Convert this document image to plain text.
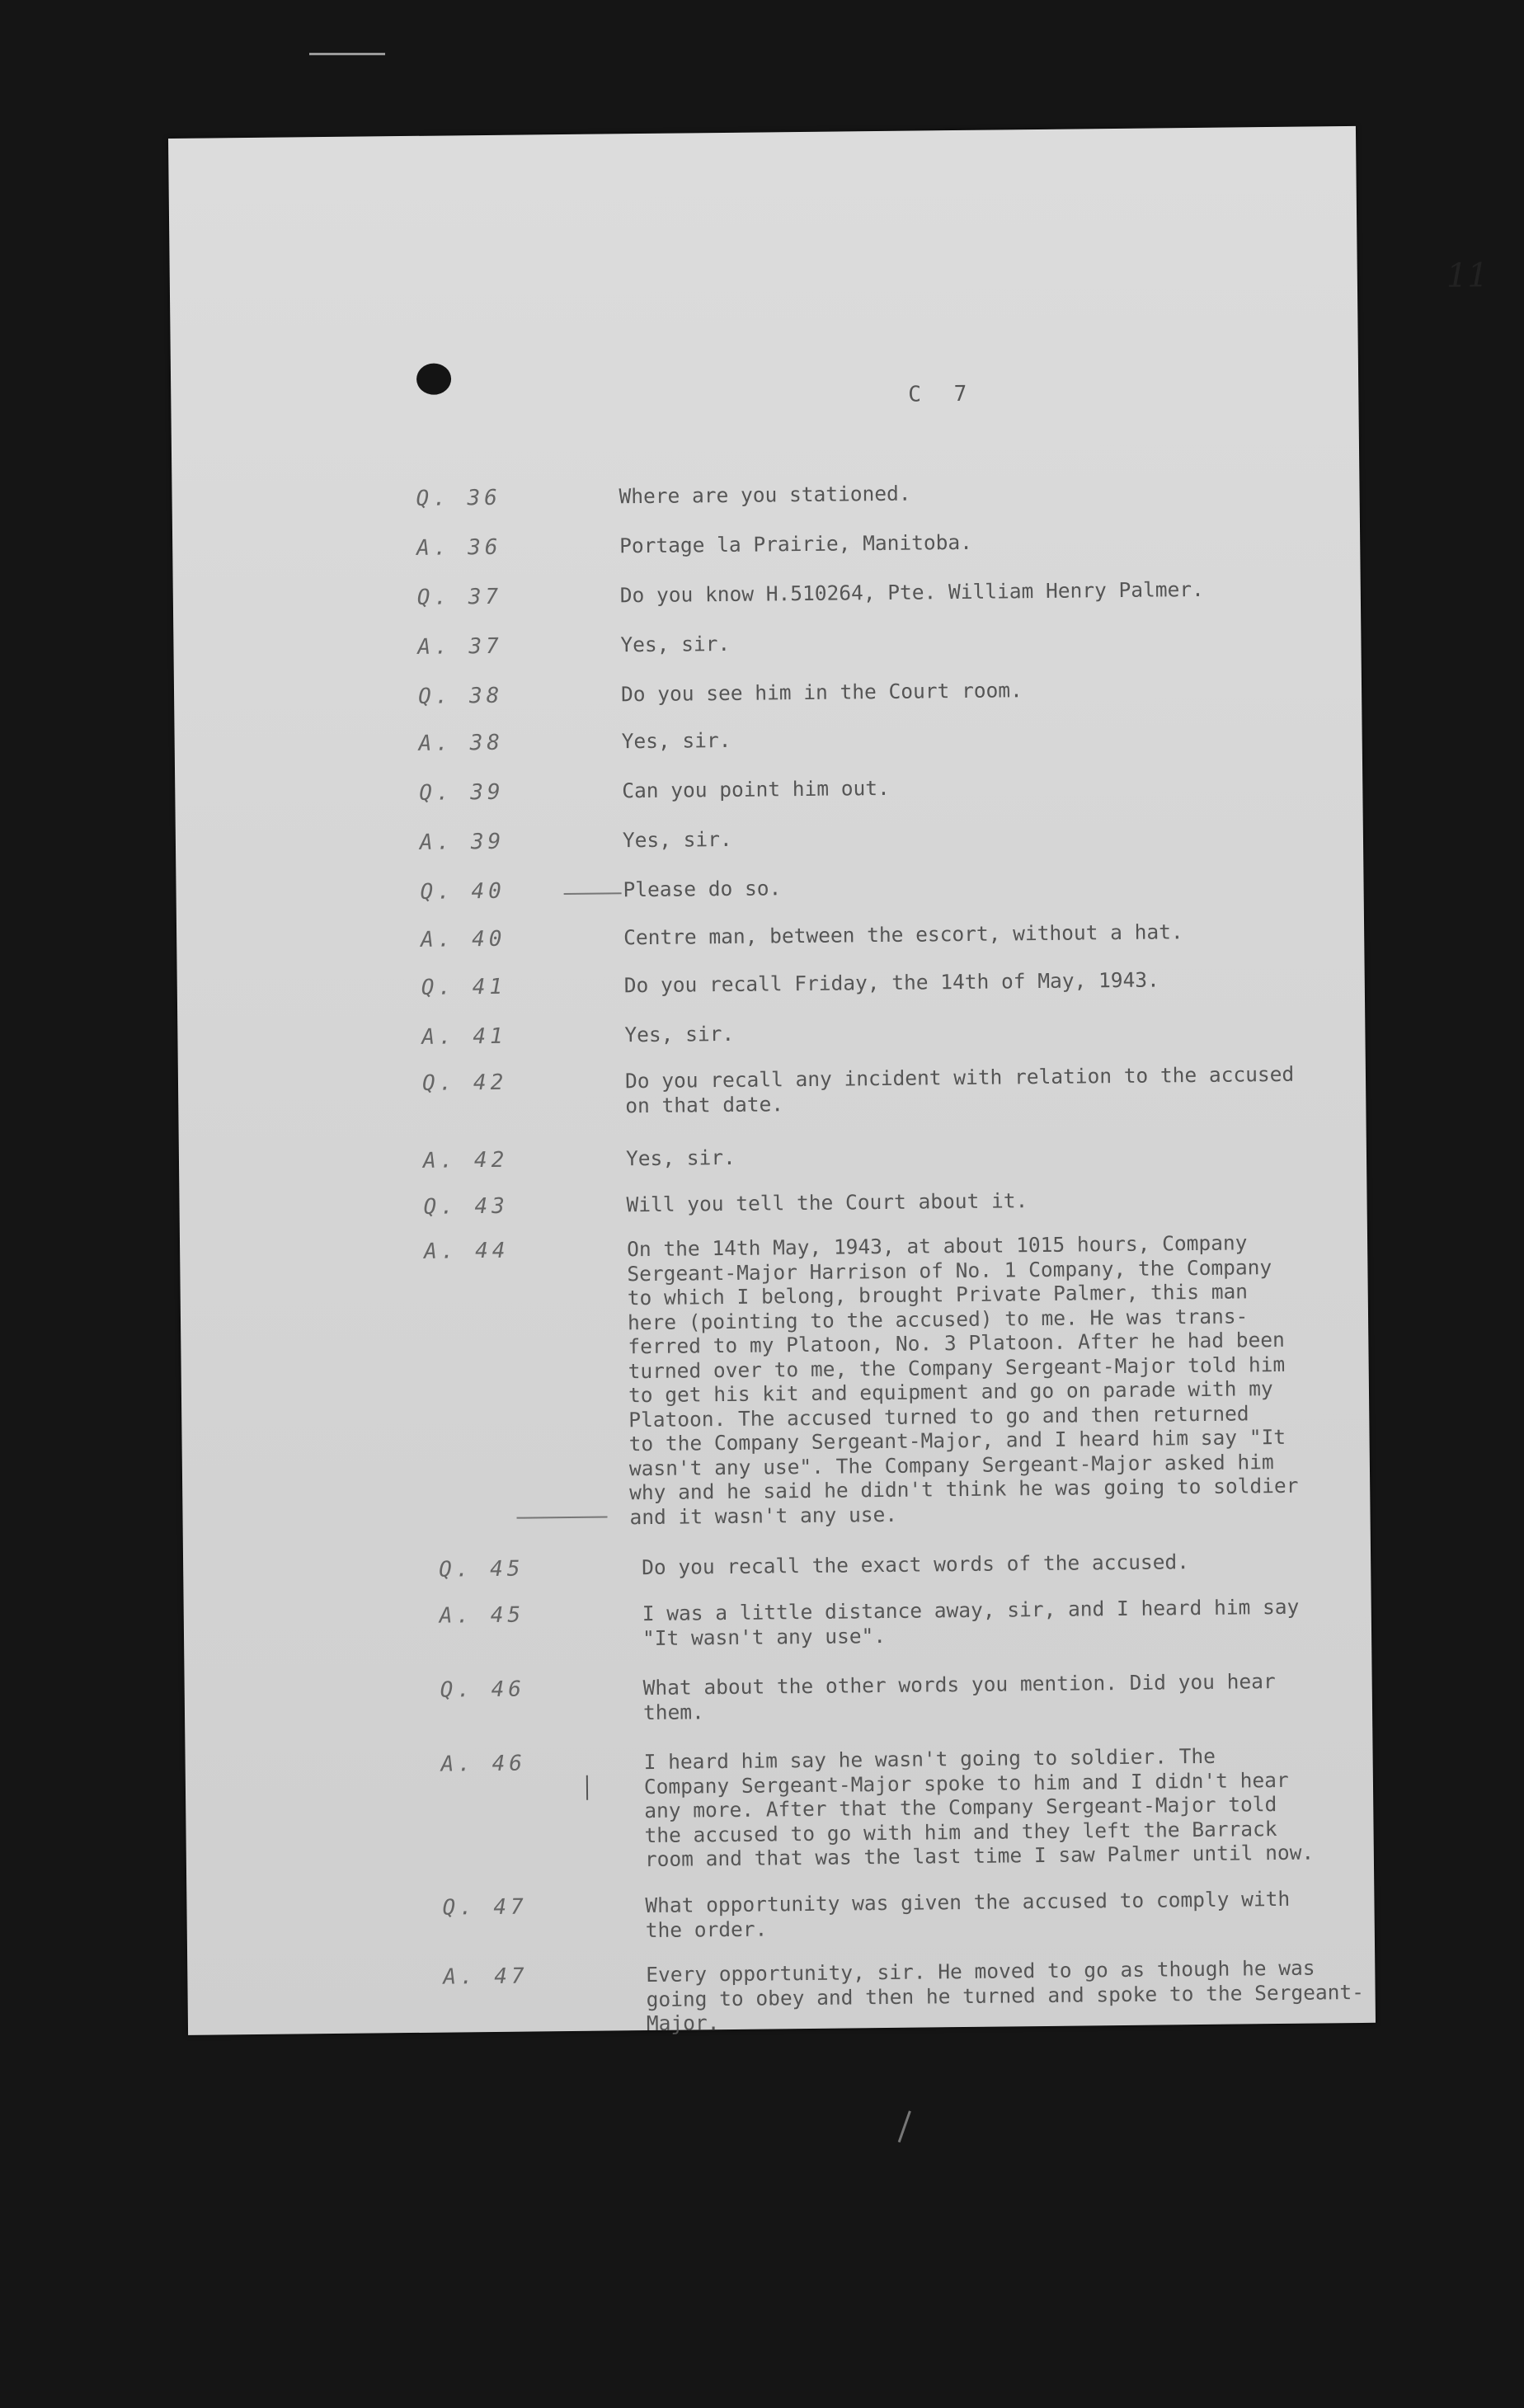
11
C 7
Q. 36	Where are you stationed.
A. 36	Portage la Prairie, Manitoba.
Q. 37	Do you know H.510264, Pte. William Henry Palmer.
A. 37	Yes, sir.
Q. 38	Do you see him in the Court room.
A. 38	Yes, sir.
Q. 39	Can you point him out.
A. 39	Yes, sir.
Q. 40	Please do so.
A. 40	Centre man, between the escort, without a hat.
Q. 41	Do you recall Friday, the 14th of May, 1943.
A. 41	Yes, sir.
Q. 42	Do you recall any incident with relation to the accused
on that date.
A. 42	Yes, sir.
Q. 43	Will you tell the Court about it.
A. 44	On the 14th May, 1943, at about 1015 hours, Company
Sergeant-Major Harrison of No. 1 Company, the Company
to which I belong, brought Private Palmer, this man
here (pointing to the accused) to me. He was trans-
ferred to my Platoon, No. 3 Platoon. After he had been
turned over to me, the Company Sergeant-Major told him
to get his kit and equipment and go on parade with my
Platoon. The accused turned to go and then returned
to the Company Sergeant-Major, and I heard him say "It
wasn't any use". The Company Sergeant-Major asked him
why and he said he didn't think he was going to soldier
and it wasn't any use.
Q. 45	Do you recall the exact words of the accused.
A. 45	I was a little distance away, sir, and I heard him say
"It wasn't any use".
Q. 46	What about the other words you mention. Did you hear
them.
A. 46	I heard him say he wasn't going to soldier. The
Company Sergeant-Major spoke to him and I didn't hear
any more. After that the Company Sergeant-Major told
the accused to go with him and they left the Barrack
room and that was the last time I saw Palmer until now.
Q. 47	What opportunity was given the accused to comply with
the order.
A. 47	Every opportunity, sir. He moved to go as though he was
going to obey and then he turned and spoke to the Sergeant-
Major.
